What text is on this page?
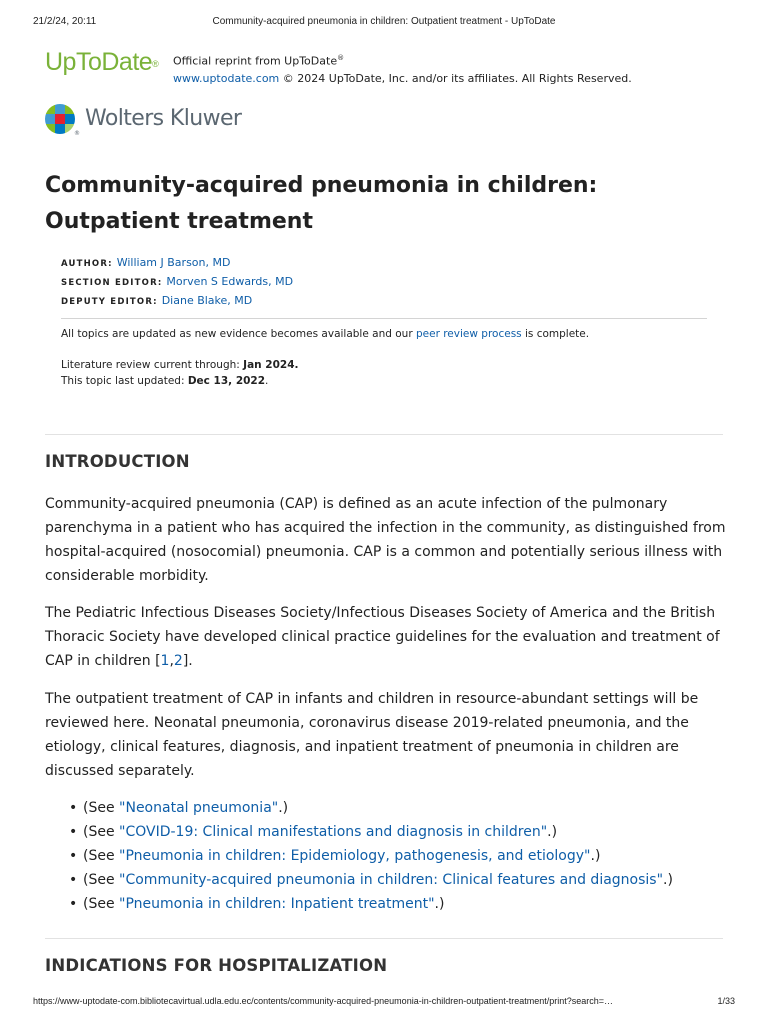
21/2/24, 20:11	Community-acquired pneumonia in children: Outpatient treatment - UpToDate
UpToDate® Official reprint from UpToDate®
www.uptodate.com © 2024 UpToDate, Inc. and/or its affiliates. All Rights Reserved.
®
Wolters Kluwer
Community-acquired pneumonia in children:
Outpatient treatment
AUTHOR: William J Barson, MD
SECTION EDITOR: Morven S Edwards, MD
DEPUTY EDITOR: Diane Blake, MD
All topics are updated as new evidence becomes available and our peer review process is complete.
Literature review current through: Jan 2024.
This topic last updated: Dec 13, 2022.
INTRODUCTION

Community-acquired pneumonia (CAP) is defined as an acute infection of the pulmonary parenchyma in a patient who has acquired the infection in the community, as distinguished from hospital-acquired (nosocomial) pneumonia. CAP is a common and potentially serious illness with considerable morbidity.

The Pediatric Infectious Diseases Society/Infectious Diseases Society of America and the British Thoracic Society have developed clinical practice guidelines for the evaluation and treatment of CAP in children [1,2].

The outpatient treatment of CAP in infants and children in resource-abundant settings will be reviewed here. Neonatal pneumonia, coronavirus disease 2019-related pneumonia, and the etiology, clinical features, diagnosis, and inpatient treatment of pneumonia in children are discussed separately.

• (See "Neonatal pneumonia".)
• (See "COVID-19: Clinical manifestations and diagnosis in children".)
• (See "Pneumonia in children: Epidemiology, pathogenesis, and etiology".)
• (See "Community-acquired pneumonia in children: Clinical features and diagnosis".)
• (See "Pneumonia in children: Inpatient treatment".)
INDICATIONS FOR HOSPITALIZATION
https://www-uptodate-com.bibliotecavirtual.udla.edu.ec/contents/community-acquired-pneumonia-in-children-outpatient-treatment/print?search=…	1/33
